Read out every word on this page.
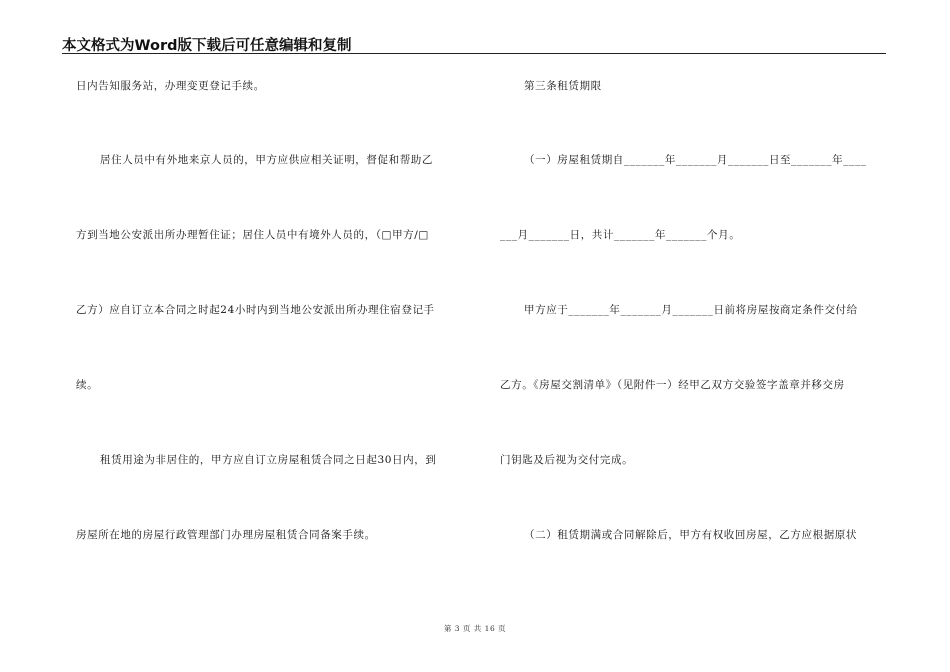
本文格式为Word版下载后可任意编辑和复制
日内告知服务站，办理变更登记手续。
居住人员中有外地来京人员的，甲方应供应相关证明，督促和帮助乙
方到当地公安派出所办理暂住证；居住人员中有境外人员的，（□甲方/□
乙方）应自订立本合同之时起24小时内到当地公安派出所办理住宿登记手
续。
租赁用途为非居住的，甲方应自订立房屋租赁合同之日起30日内，到
房屋所在地的房屋行政管理部门办理房屋租赁合同备案手续。
第三条租赁期限
（一）房屋租赁期自_______年_______月_______日至_______年____
___月_______日，共计_______年_______个月。
甲方应于_______年_______月_______日前将房屋按商定条件交付给
乙方。《房屋交割清单》（见附件一）经甲乙双方交验签字盖章并移交房
门钥匙及后视为交付完成。
（二）租赁期满或合同解除后，甲方有权收回房屋，乙方应根据原状
第 3 页 共 16 页
